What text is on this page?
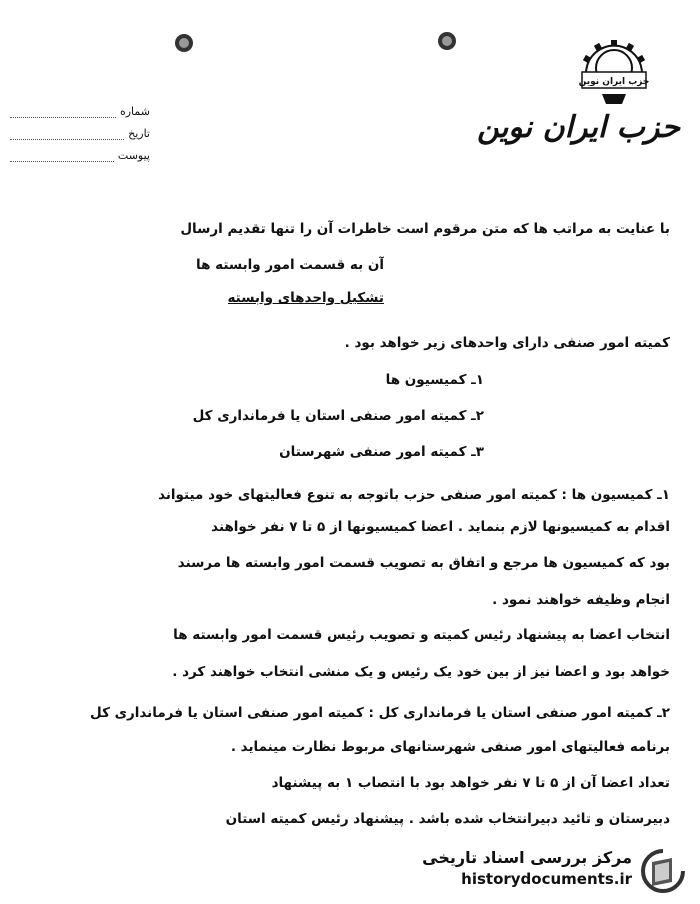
حزب ایران نوین
حزب ایران نوین
شماره
تاریخ
پیوست
با عنایت به مراتب ها که متن مرقوم است خاطرات آن را تنها تقدیم ارسال
آن به قسمت امور وابسته ها
تشکیل واحدهای وابسته
کمیته امور صنفی دارای واحدهای زیر خواهد بود .
۱ـ کمیسیون ها
۲ـ کمیته امور صنفی استان یا فرمانداری کل
۳ـ کمیته امور صنفی شهرستان
۱ـ کمیسیون ها : کمیته امور صنفی حزب باتوجه به تنوع فعالیتهای خود میتواند
اقدام به کمیسیونها لازم بنماید . اعضا کمیسیونها از ۵ تا ۷ نفر خواهند
بود که کمیسیون ها مرجع و اتفاق به تصویب قسمت امور وابسته ها مرسند
انجام وظیفه خواهند نمود .
انتخاب اعضا به پیشنهاد رئیس کمیته و تصویب رئیس قسمت امور وابسته ها
خواهد بود و اعضا نیز از بین خود یک رئیس و یک منشی انتخاب خواهند کرد .
۲ـ کمیته امور صنفی استان یا فرمانداری کل : کمیته امور صنفی استان یا فرمانداری کل
برنامه فعالیتهای امور صنفی شهرستانهای مربوط نظارت مینماید .
تعداد اعضا آن از ۵ تا ۷ نفر خواهد بود با انتصاب ۱ به پیشنهاد
دبیرستان و تائید دبیرانتخاب شده باشد . پیشنهاد رئیس کمیته استان
مرکز بررسی اسناد تاریخی
historydocuments.ir
